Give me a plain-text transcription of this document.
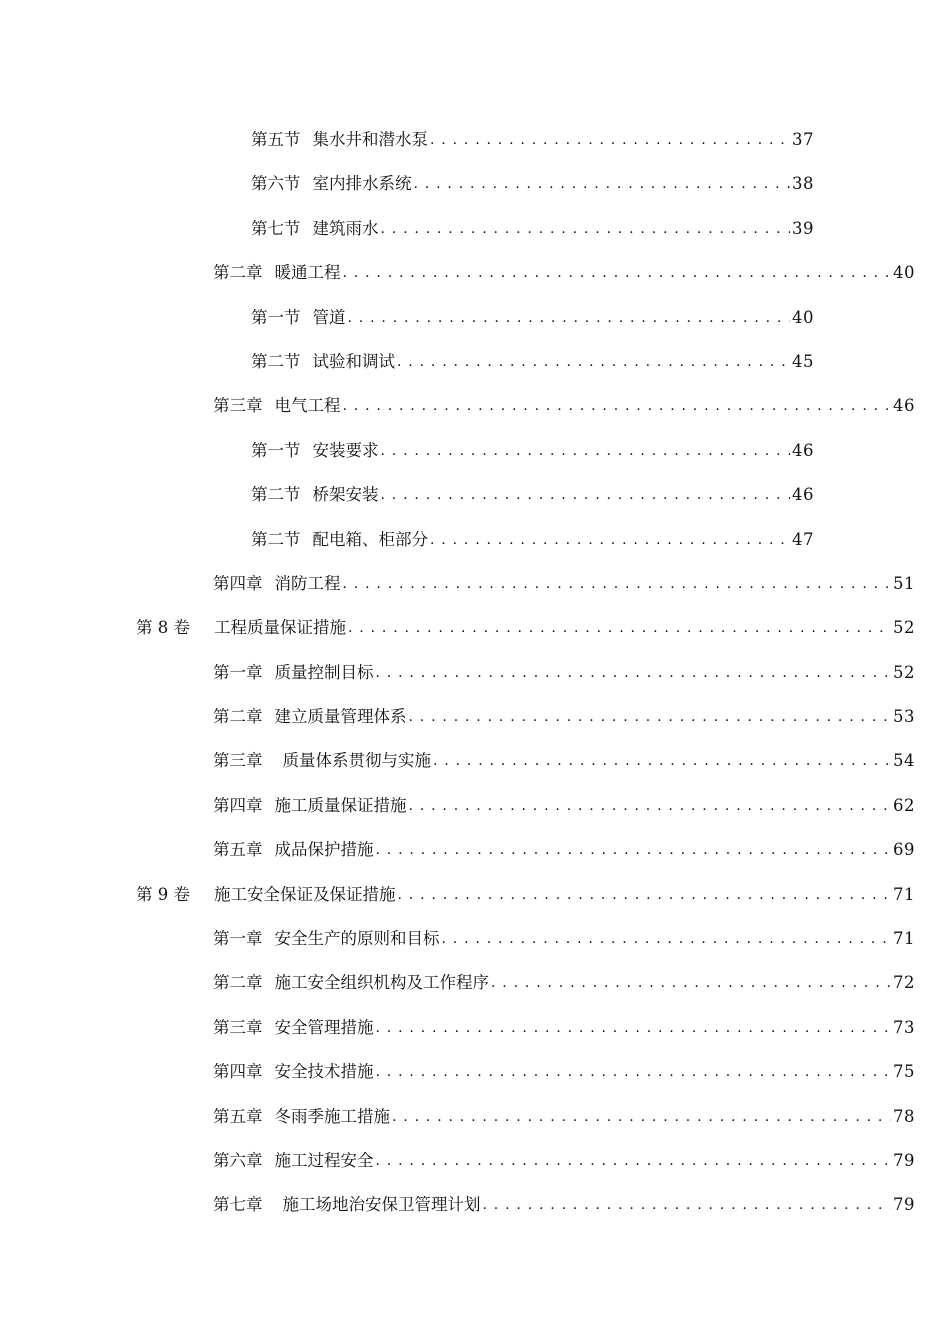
第五节 集水井和潜水泵 . . .	37
第六节 室内排水系统 . . .	38
第七节 建筑雨水 . . .	39
第二章 暖通工程 . . .	40
第一节 管道 . . .	40
第二节 试验和调试 . . .	45
第三章 电气工程 . . .	46
第一节 安装要求 . . .	46
第二节 桥架安装 . . .	46
第二节 配电箱、柜部分 . . .	47
第四章 消防工程 . . .	51
第 8 卷	工程质量保证措施 . . .	52
第一章 质量控制目标 . . .	52
第二章 建立质量管理体系 . . .	53
第三章 质量体系贯彻与实施 . . .	54
第四章 施工质量保证措施 . . .	62
第五章 成品保护措施 . . .	69
第 9 卷	施工安全保证及保证措施 . . .	71
第一章 安全生产的原则和目标 . . .	71
第二章 施工安全组织机构及工作程序 . . .	72
第三章 安全管理措施 . . .	73
第四章 安全技术措施 . . .	75
第五章 冬雨季施工措施 . . .	78
第六章 施工过程安全 . . .	79
第七章 施工场地治安保卫管理计划 . . .	79
